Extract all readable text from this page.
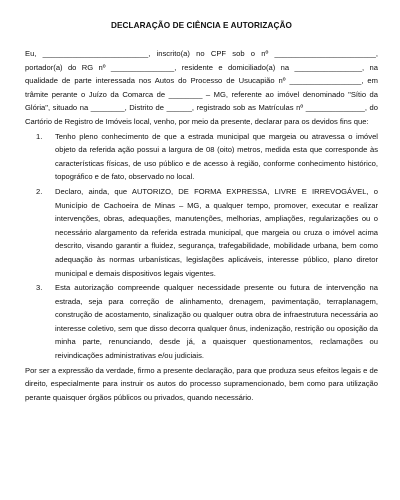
DECLARAÇÃO DE CIÊNCIA E AUTORIZAÇÃO

Eu, _________________________, inscrito(a) no CPF sob o nº ________________________, portador(a) do RG nº _______________, residente e domiciliado(a) na ________________, na qualidade de parte interessada nos Autos do Processo de Usucapião nº _________________, em trâmite perante o Juízo da Comarca de ________ – MG, referente ao imóvel denominado "Sítio da Glória", situado na ________, Distrito de ______, registrado sob as Matrículas nº ______________, do Cartório de Registro de Imóveis local, venho, por meio da presente, declarar para os devidos fins que:

1. Tenho pleno conhecimento de que a estrada municipal que margeia ou atravessa o imóvel objeto da referida ação possui a largura de 08 (oito) metros, medida esta que corresponde às características físicas, de uso público e de acesso à região, conforme conhecimento histórico, topográfico e de fato, observado no local.
2. Declaro, ainda, que AUTORIZO, DE FORMA EXPRESSA, LIVRE E IRREVOGÁVEL, o Município de Cachoeira de Minas – MG, a qualquer tempo, promover, executar e realizar intervenções, obras, adequações, manutenções, melhorias, ampliações, regularizações ou o necessário alargamento da referida estrada municipal, que margeia ou cruza o imóvel acima descrito, visando garantir a fluidez, segurança, trafegabilidade, mobilidade urbana, bem como adequação às normas urbanísticas, legislações aplicáveis, interesse público, plano diretor municipal e demais dispositivos legais vigentes.
3. Esta autorização compreende qualquer necessidade presente ou futura de intervenção na estrada, seja para correção de alinhamento, drenagem, pavimentação, terraplanagem, construção de acostamento, sinalização ou qualquer outra obra de infraestrutura necessária ao interesse coletivo, sem que disso decorra qualquer ônus, indenização, restrição ou oposição da minha parte, renunciando, desde já, a quaisquer questionamentos, reclamações ou reivindicações administrativas e/ou judiciais.

Por ser a expressão da verdade, firmo a presente declaração, para que produza seus efeitos legais e de direito, especialmente para instruir os autos do processo supramencionado, bem como para utilização perante quaisquer órgãos públicos ou privados, quando necessário.
